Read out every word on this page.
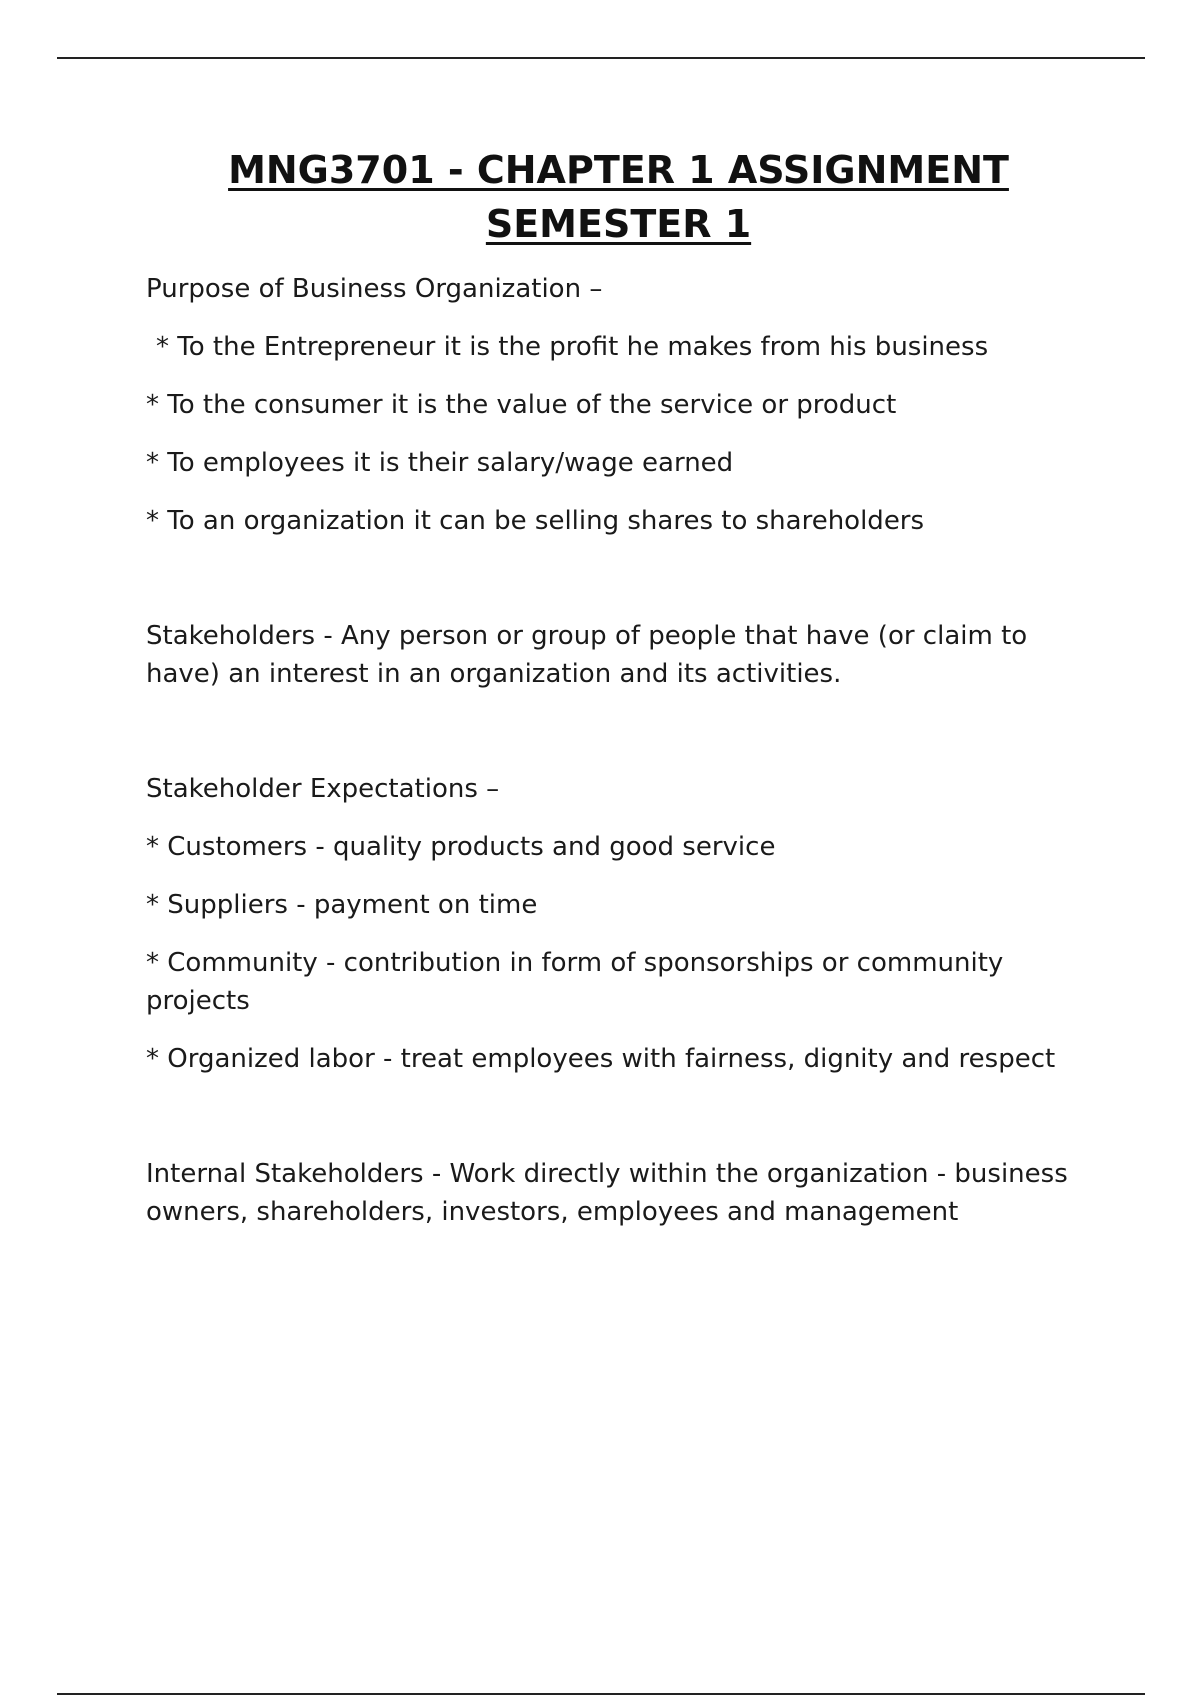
MNG3701 - CHAPTER 1 ASSIGNMENT
SEMESTER 1

Purpose of Business Organization –

* To the Entrepreneur it is the profit he makes from his business

* To the consumer it is the value of the service or product

* To employees it is their salary/wage earned

* To an organization it can be selling shares to shareholders

Stakeholders - Any person or group of people that have (or claim to have) an interest in an organization and its activities.

Stakeholder Expectations –

* Customers - quality products and good service

* Suppliers - payment on time

* Community - contribution in form of sponsorships or community projects

* Organized labor - treat employees with fairness, dignity and respect

Internal Stakeholders - Work directly within the organization - business owners, shareholders, investors, employees and management
